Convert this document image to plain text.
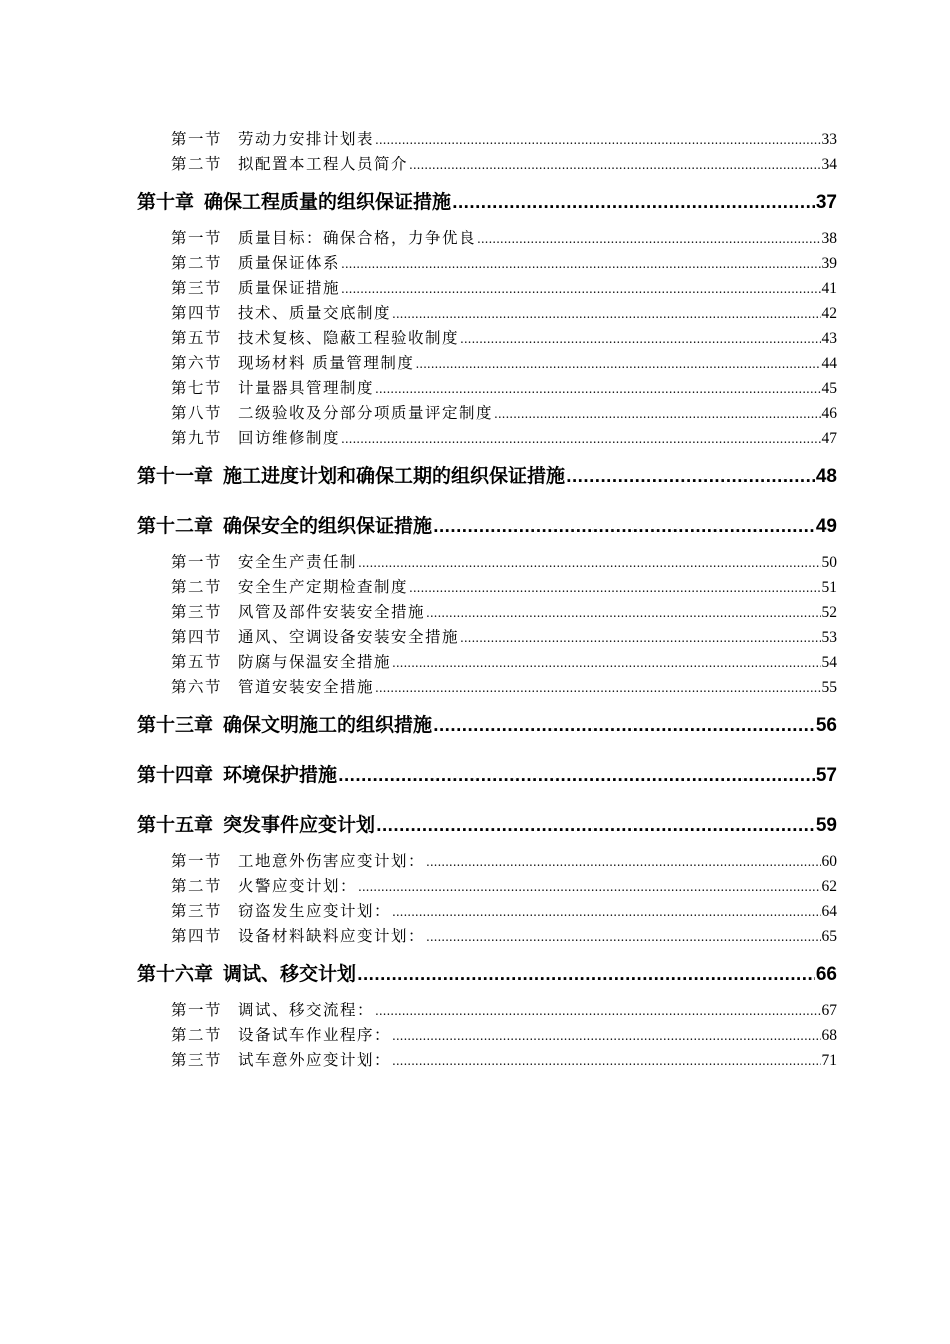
第一节	劳动力安排计划表 .....	33
第二节	拟配置本工程人员简介 .....	34
第十章 确保工程质量的组织保证措施 .....	37
第一节	质量目标：确保合格，力争优良 .....	38
第二节	质量保证体系 .....	39
第三节	质量保证措施 .....	41
第四节	技术、质量交底制度 .....	42
第五节	技术复核、隐蔽工程验收制度 .....	43
第六节	现场材料 质量管理制度 .....	44
第七节	计量器具管理制度 .....	45
第八节	二级验收及分部分项质量评定制度 .....	46
第九节	回访维修制度 .....	47
第十一章 施工进度计划和确保工期的组织保证措施 .....	48
第十二章 确保安全的组织保证措施 .....	49
第一节	安全生产责任制 .....	50
第二节	安全生产定期检查制度 .....	51
第三节	风管及部件安装安全措施 .....	52
第四节	通风、空调设备安装安全措施 .....	53
第五节	防腐与保温安全措施 .....	54
第六节	管道安装安全措施 .....	55
第十三章 确保文明施工的组织措施 .....	56
第十四章 环境保护措施 .....	57
第十五章 突发事件应变计划 .....	59
第一节	工地意外伤害应变计划： .....	60
第二节	火警应变计划： .....	62
第三节	窃盗发生应变计划： .....	64
第四节	设备材料缺料应变计划： .....	65
第十六章 调试、移交计划 .....	66
第一节	调试、移交流程： .....	67
第二节	设备试车作业程序： .....	68
第三节	试车意外应变计划： .....	71
